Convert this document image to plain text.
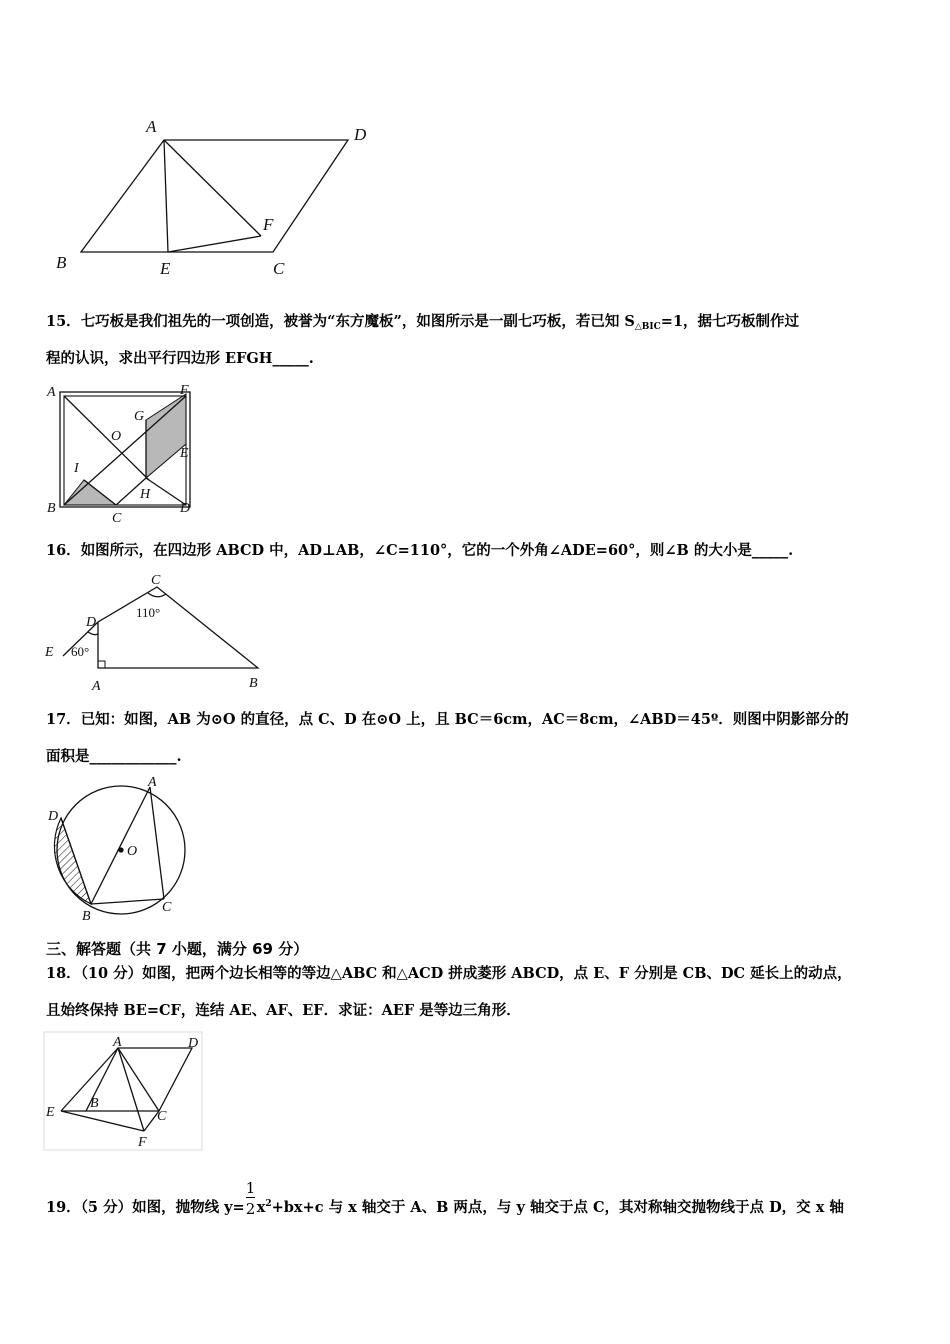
A	D
B	E	C
F
15．七巧板是我们祖先的一项创造，被誉为“东方魔板”，如图所示是一副七巧板，若已知 $S_{\triangle BIC}=1$，据七巧板制作过
程的认识，求出平行四边形 EFGH_____.
A	F
G
O
E
I
H
B
C
D
16．如图所示，在四边形 ABCD 中，AD⊥AB，∠C=110°，它的一个外角∠ADE=60°，则∠B 的大小是_____.
C
D
E
A	B
110°
60°
17．已知：如图，AB 为⊙O 的直径，点 C、D 在⊙O 上，且 BC＝6cm，AC＝8cm，∠ABD＝45º．则图中阴影部分的
面积是____________.
A
D
O
B
C
三、解答题（共 7 小题，满分 69 分）
18．（10 分）如图，把两个边长相等的等边△ABC 和△ACD 拼成菱形 ABCD，点 E、F 分别是 CB、DC 延长上的动点，
且始终保持 BE=CF，连结 AE、AF、EF．求证：AEF 是等边三角形．
A	D
B
C
E
F
19．（5 分）如图，抛物线 y=
$\frac{1}{2}$
$x^2+bx+c$ 与 x 轴交于 A、B 两点，与 y 轴交于点 C，其对称轴交抛物线于点 D，交 x 轴
